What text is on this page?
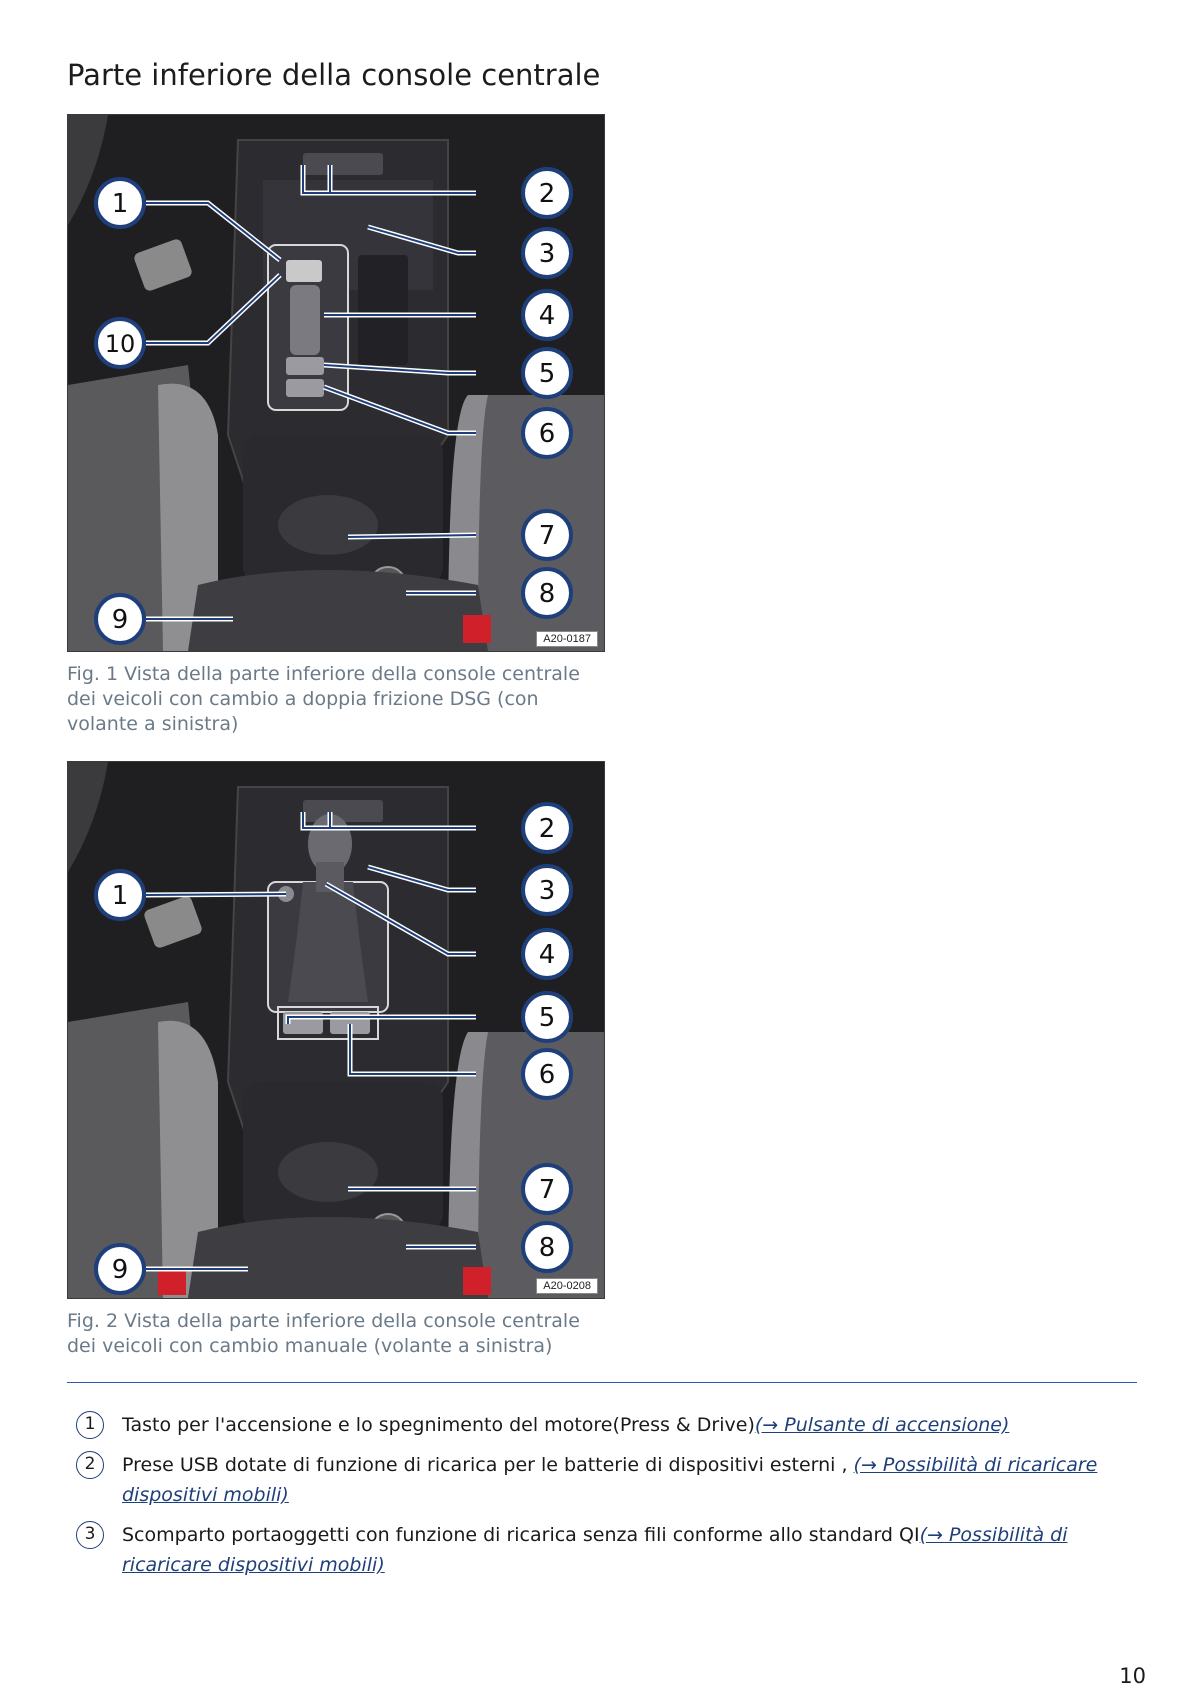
Parte inferiore della console centrale
1	2
3
4
5
6
7
8
9
10
A20-0187

Fig. 1 Vista della parte inferiore della console centrale dei veicoli con cambio a doppia frizione DSG (con volante a sinistra)

1
2
3
4
5
6
7
8
9
A20-0208

Fig. 2 Vista della parte inferiore della console centrale dei veicoli con cambio manuale (volante a sinistra)

1	Tasto per l'accensione e lo spegnimento del motore(Press & Drive)(→ Pulsante di accensione)
2	Prese USB dotate di funzione di ricarica per le batterie di dispositivi esterni , (→ Possibilità di ricaricare dispositivi mobili)
3	Scomparto portaoggetti con funzione di ricarica senza fili conforme allo standard QI(→ Possibilità di ricaricare dispositivi mobili)
10
